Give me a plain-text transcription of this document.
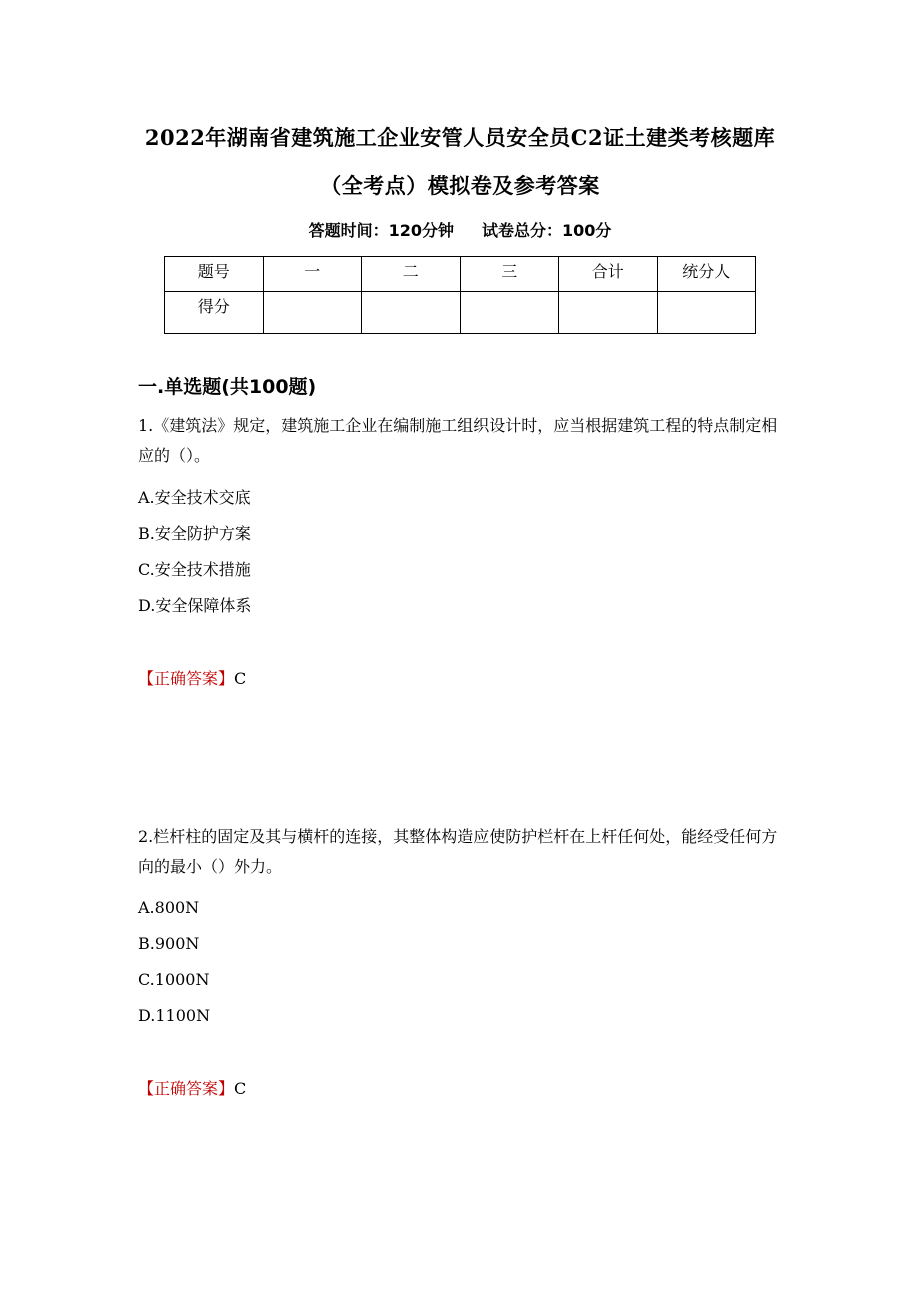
2022年湖南省建筑施工企业安管人员安全员C2证土建类考核题库
（全考点）模拟卷及参考答案
答题时间：120分钟 试卷总分：100分
题号	一	二	三	合计	统分人
得分					
一.单选题(共100题)
1.《建筑法》规定，建筑施工企业在编制施工组织设计时，应当根据建筑工程的特点制定相应的（）。
A.安全技术交底
B.安全防护方案
C.安全技术措施
D.安全保障体系
【正确答案】C
2.栏杆柱的固定及其与横杆的连接，其整体构造应使防护栏杆在上杆任何处，能经受任何方向的最小（）外力。
A.800N
B.900N
C.1000N
D.1100N
【正确答案】C
